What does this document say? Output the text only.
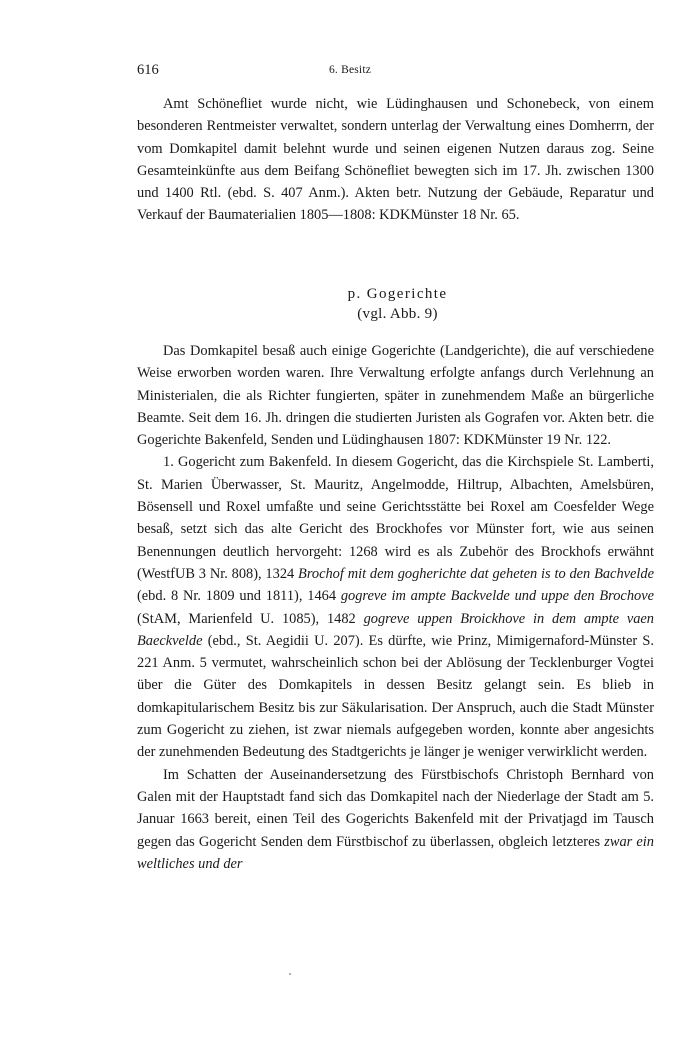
616	6. Besitz

Amt Schöneﬂiet wurde nicht, wie Lüdinghausen und Schonebeck, von einem besonderen Rentmeister verwaltet, sondern unterlag der Verwaltung eines Domherrn, der vom Domkapitel damit belehnt wurde und seinen eigenen Nutzen daraus zog. Seine Gesamteinkünfte aus dem Beifang Schöneﬂiet bewegten sich im 17. Jh. zwischen 1300 und 1400 Rtl. (ebd. S. 407 Anm.). Akten betr. Nutzung der Gebäude, Reparatur und Verkauf der Baumaterialien 1805—1808: KDKMünster 18 Nr. 65.

p. Gogerichte
(vgl. Abb. 9)

Das Domkapitel besaß auch einige Gogerichte (Landgerichte), die auf verschiedene Weise erworben worden waren. Ihre Verwaltung erfolgte anfangs durch Verlehnung an Ministerialen, die als Richter fungierten, später in zunehmendem Maße an bürgerliche Beamte. Seit dem 16. Jh. dringen die studierten Juristen als Gografen vor. Akten betr. die Gogerichte Bakenfeld, Senden und Lüdinghausen 1807: KDKMünster 19 Nr. 122.

1. Gogericht zum Bakenfeld. In diesem Gogericht, das die Kirchspiele St. Lamberti, St. Marien Überwasser, St. Mauritz, Angelmodde, Hiltrup, Albachten, Amelsbüren, Bösensell und Roxel umfaßte und seine Gerichtsstätte bei Roxel am Coesfelder Wege besaß, setzt sich das alte Gericht des Brockhofes vor Münster fort, wie aus seinen Benennungen deutlich hervorgeht: 1268 wird es als Zubehör des Brockhofs erwähnt (WestfUB 3 Nr. 808), 1324 Brochof mit dem gogherichte dat geheten is to den Bachvelde (ebd. 8 Nr. 1809 und 1811), 1464 gogreve im ampte Backvelde und uppe den Brochove (StAM, Marienfeld U. 1085), 1482 gogreve uppen Broickhove in dem ampte vaen Baeckvelde (ebd., St. Aegidii U. 207). Es dürfte, wie Prinz, Mimigernaford-Münster S. 221 Anm. 5 vermutet, wahrscheinlich schon bei der Ablösung der Tecklenburger Vogtei über die Güter des Domkapitels in dessen Besitz gelangt sein. Es blieb in domkapitularischem Besitz bis zur Säkularisation. Der Anspruch, auch die Stadt Münster zum Gogericht zu ziehen, ist zwar niemals aufgegeben worden, konnte aber angesichts der zunehmenden Bedeutung des Stadtgerichts je länger je weniger verwirklicht werden.

Im Schatten der Auseinandersetzung des Fürstbischofs Christoph Bernhard von Galen mit der Hauptstadt fand sich das Domkapitel nach der Niederlage der Stadt am 5. Januar 1663 bereit, einen Teil des Gogerichts Bakenfeld mit der Privatjagd im Tausch gegen das Gogericht Senden dem Fürstbischof zu überlassen, obgleich letzteres zwar ein weltliches und der
